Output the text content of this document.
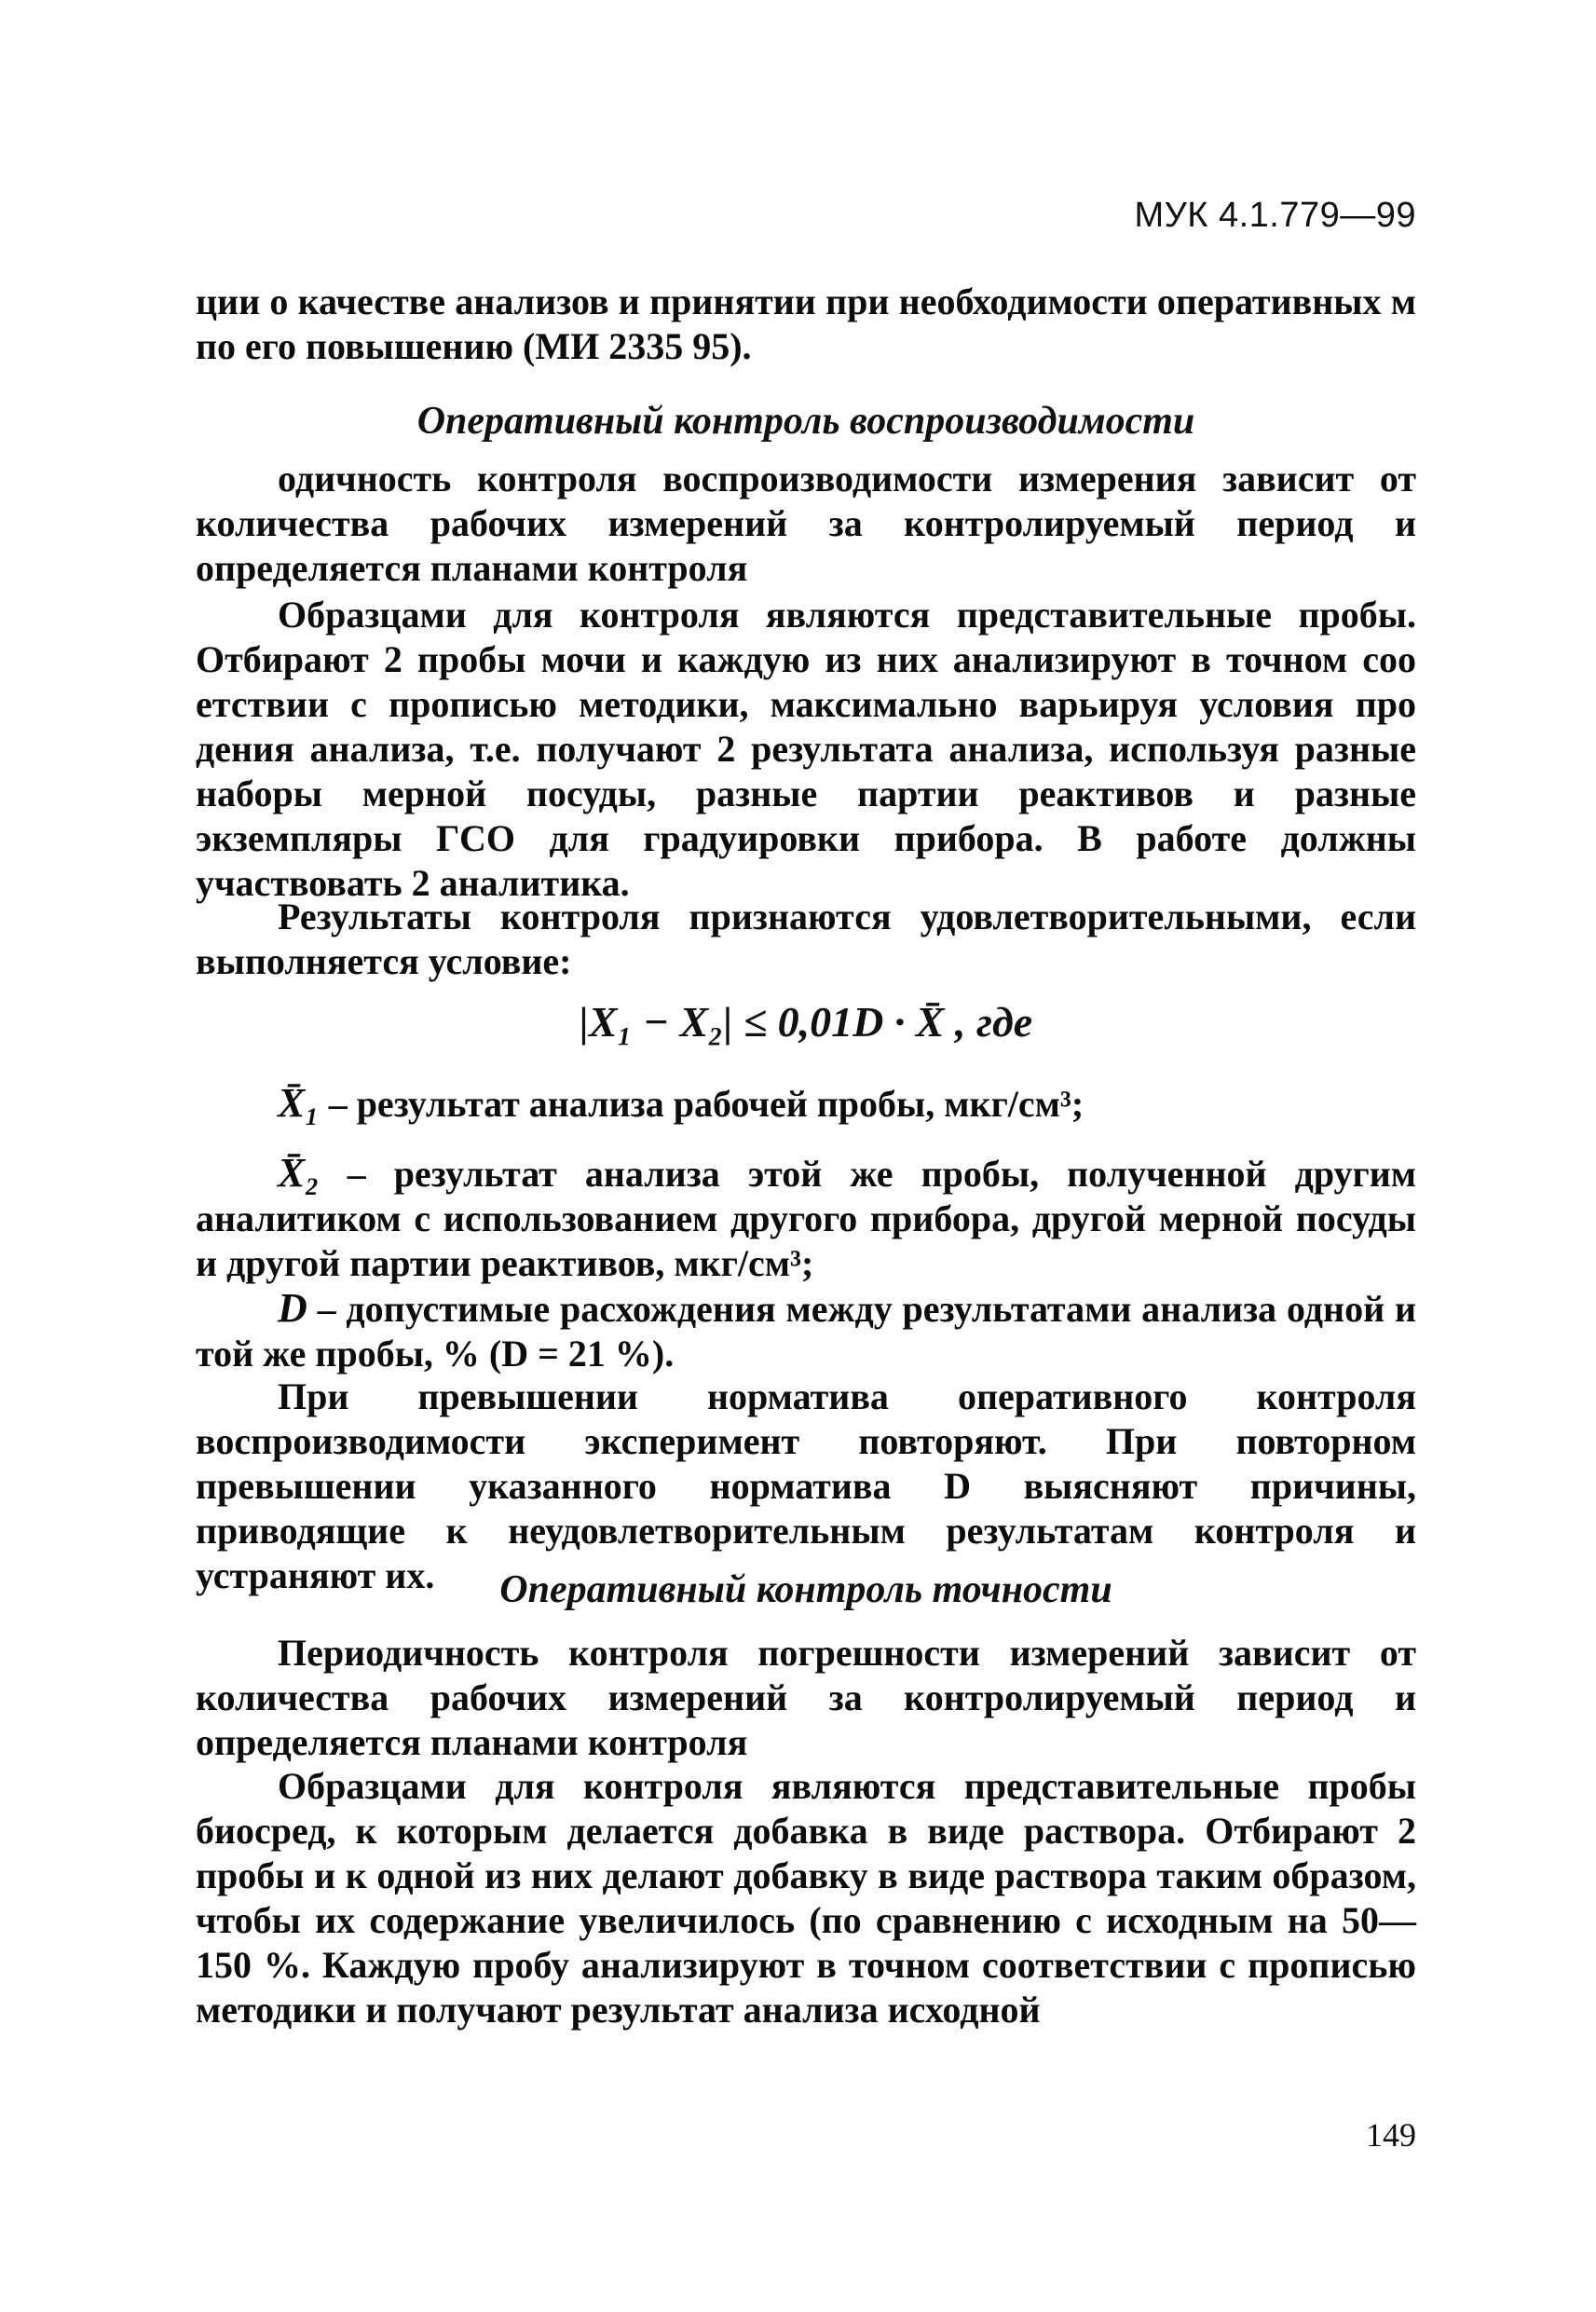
МУК 4.1.779—99

ции о качестве анализов и принятии при необходимости оперативных м по его повышению (МИ 2335 95).

Оперативный контроль воспроизводимости

одичность контроля воспроизводимости измерения зависит от количества рабочих измерений за контролируемый период и определяется планами контроля

Образцами для контроля являются представительные пробы. Отбирают 2 пробы мочи и каждую из них анализируют в точном соо етствии с прописью методики, максимально варьируя условия про дения анализа, т.е. получают 2 результата анализа, используя разные наборы мерной посуды, разные партии реактивов и разные экземпляры ГСО для градуировки прибора. В работе должны участвовать 2 аналитика.

Результаты контроля признаются удовлетворительными, если выполняется условие:

|X₁ − X₂| ≤ 0,01D · X̄ , где
X̄₁ – результат анализа рабочей пробы, мкг/см³;
X̄₂ – результат анализа этой же пробы, полученной другим аналитиком с использованием другого прибора, другой мерной посуды и другой партии реактивов, мкг/см³;
D – допустимые расхождения между результатами анализа одной и той же пробы, % (D = 21 %).

При превышении норматива оперативного контроля воспроизводимости эксперимент повторяют. При повторном превышении указанного норматива D выясняют причины, приводящие к неудовлетворительным результатам контроля и устраняют их.	Оперативный контроль точности

Периодичность контроля погрешности измерений зависит от количества рабочих измерений за контролируемый период и определяется планами контроля

Образцами для контроля являются представительные пробы биосред, к которым делается добавка в виде раствора. Отбирают 2 пробы и к одной из них делают добавку в виде раствора таким образом, чтобы их содержание увеличилось (по сравнению с исходным на 50—150 %. Каждую пробу анализируют в точном соответствии с прописью методики и получают результат анализа исходной

149
